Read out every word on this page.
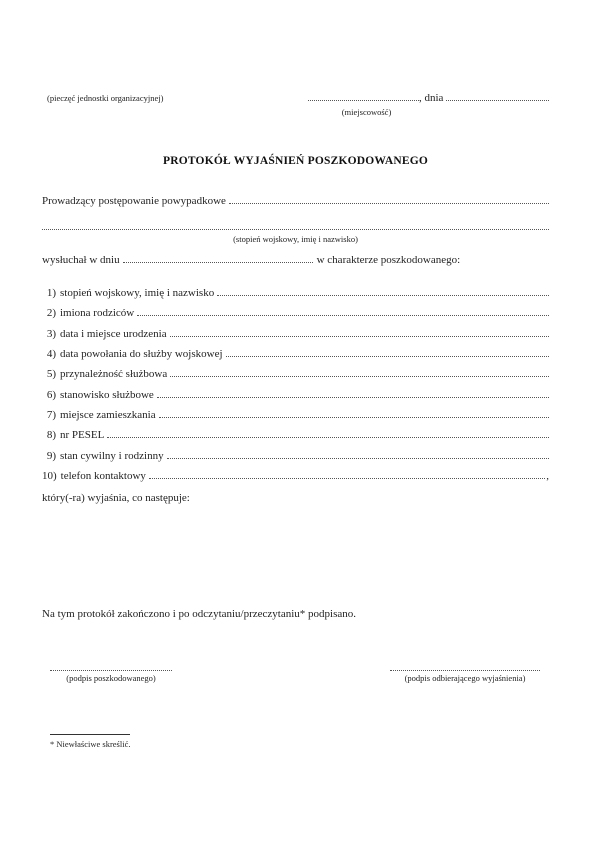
(pieczęć jednostki organizacyjnej)	, dnia
(miejscowość)
PROTOKÓŁ WYJAŚNIEŃ POSZKODOWANEGO
Prowadzący postępowanie powypadkowe
(stopień wojskowy, imię i nazwisko)
wysłuchał w dniu	w charakterze poszkodowanego:
1) stopień wojskowy, imię i nazwisko
2) imiona rodziców
3) data i miejsce urodzenia
4) data powołania do służby wojskowej
5) przynależność służbowa
6) stanowisko służbowe
7) miejsce zamieszkania
8) nr PESEL
9) stan cywilny i rodzinny
10) telefon kontaktowy	,
który(-ra) wyjaśnia, co następuje:
Na tym protokół zakończono i po odczytaniu/przeczytaniu* podpisano.
(podpis poszkodowanego)	(podpis odbierającego wyjaśnienia)
* Niewłaściwe skreślić.
